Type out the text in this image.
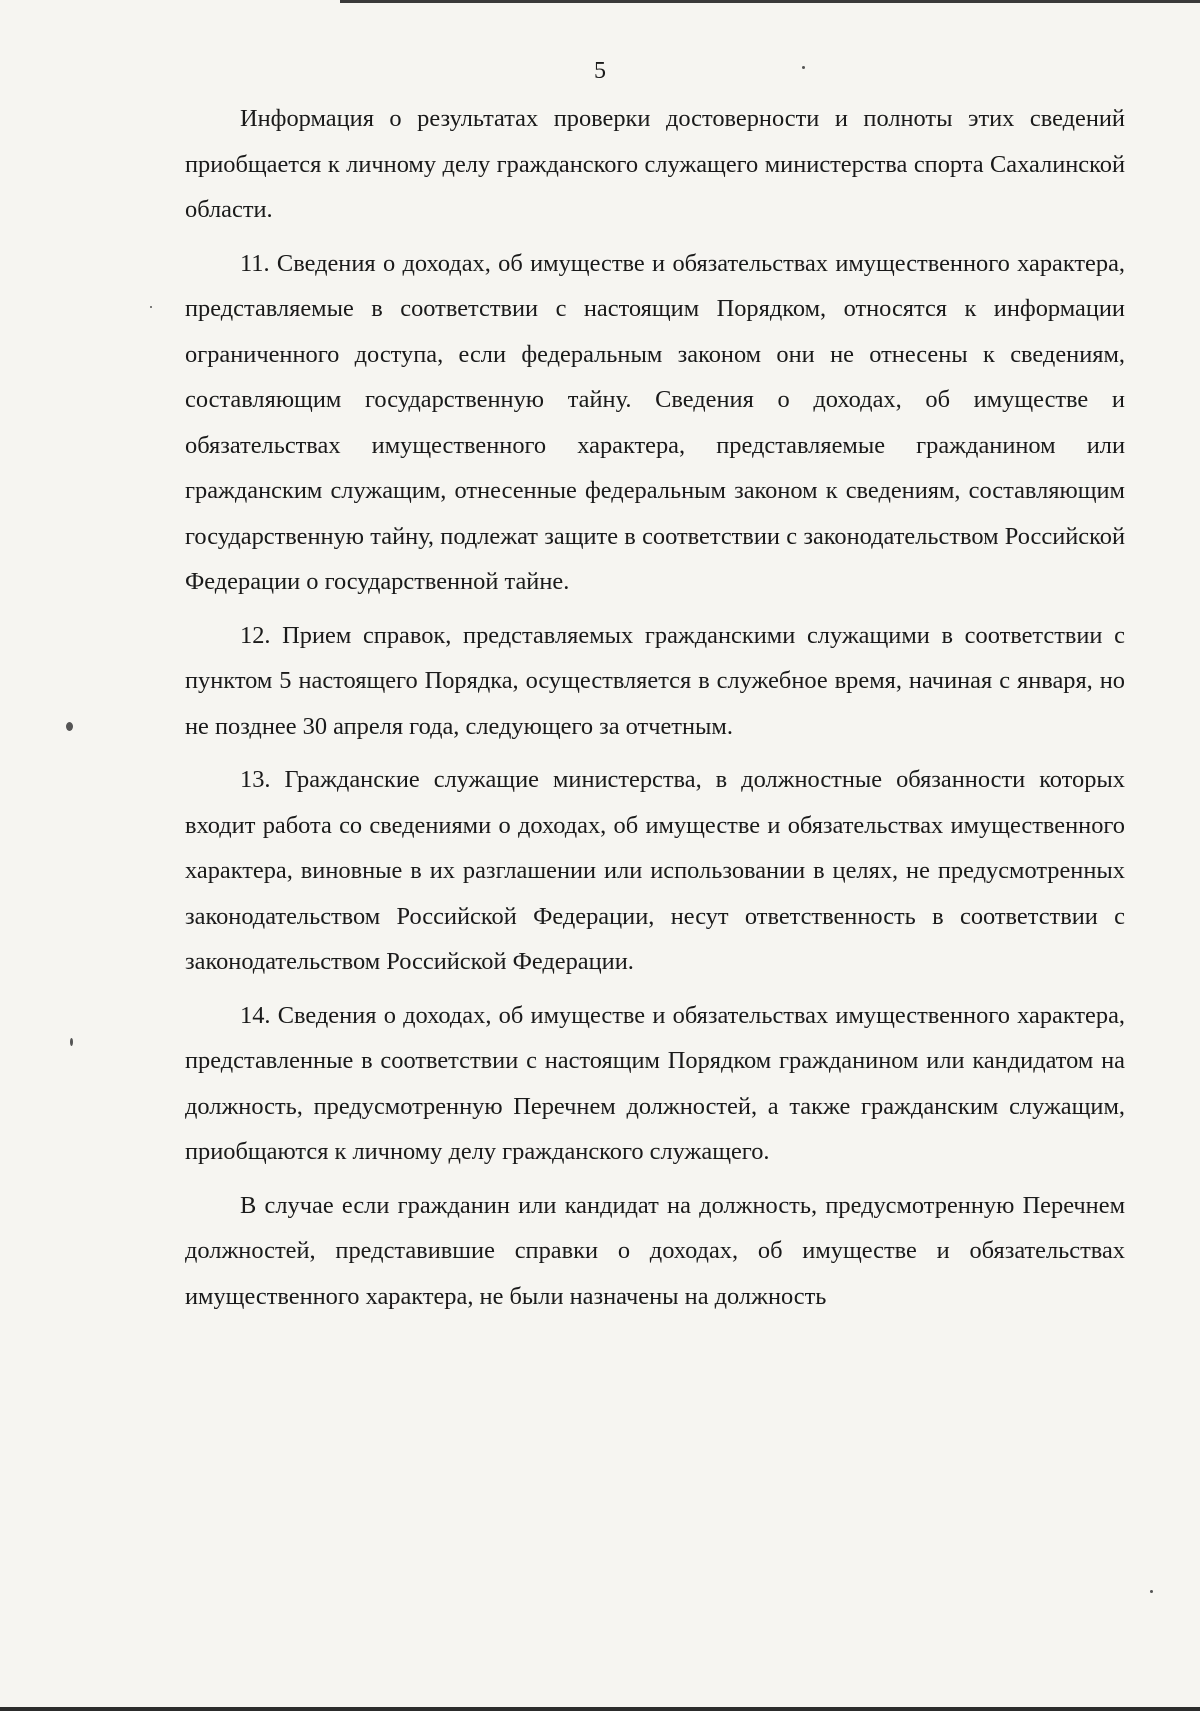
5

Информация о результатах проверки достоверности и полноты этих сведений приобщается к личному делу гражданского служащего министерства спорта Сахалинской области.

11. Сведения о доходах, об имуществе и обязательствах имущественного характера, представляемые в соответствии с настоящим Порядком, относятся к информации ограниченного доступа, если федеральным законом они не отнесены к сведениям, составляющим государственную тайну. Сведения о доходах, об имуществе и обязательствах имущественного характера, представляемые гражданином или гражданским служащим, отнесенные федеральным законом к сведениям, составляющим государственную тайну, подлежат защите в соответствии с законодательством Российской Федерации о государственной тайне.

12. Прием справок, представляемых гражданскими служащими в соответствии с пунктом 5 настоящего Порядка, осуществляется в служебное время, начиная с января, но не позднее 30 апреля года, следующего за отчетным.

13. Гражданские служащие министерства, в должностные обязанности которых входит работа со сведениями о доходах, об имуществе и обязательствах имущественного характера, виновные в их разглашении или использовании в целях, не предусмотренных законодательством Российской Федерации, несут ответственность в соответствии с законодательством Российской Федерации.

14. Сведения о доходах, об имуществе и обязательствах имущественного характера, представленные в соответствии с настоящим Порядком гражданином или кандидатом на должность, предусмотренную Перечнем должностей, а также гражданским служащим, приобщаются к личному делу гражданского служащего.

В случае если гражданин или кандидат на должность, предусмотренную Перечнем должностей, представившие справки о доходах, об имуществе и обязательствах имущественного характера, не были назначены на должность
